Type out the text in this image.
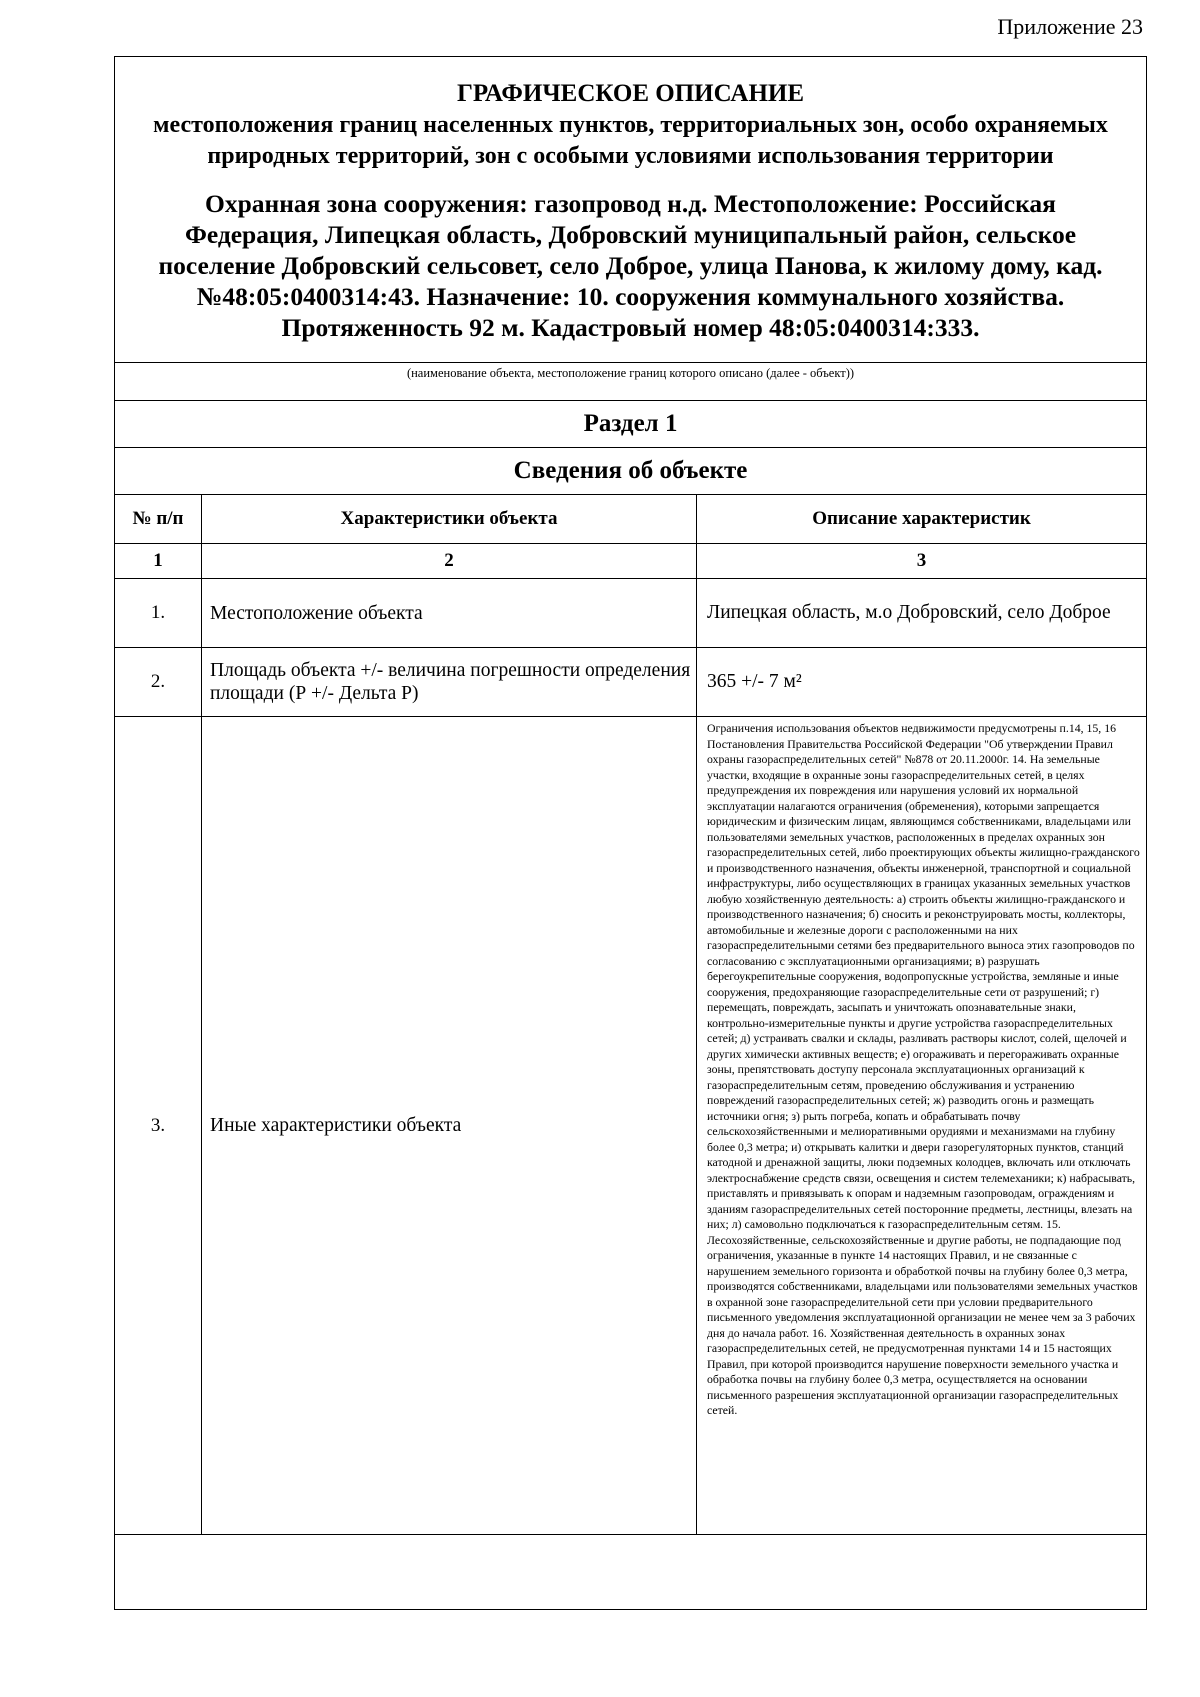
Приложение 23
ГРАФИЧЕСКОЕ ОПИСАНИЕ
местоположения границ населенных пунктов, территориальных зон, особо охраняемых природных территорий, зон с особыми условиями использования территории
Охранная зона сооружения: газопровод н.д. Местоположение: Российская Федерация, Липецкая область, Добровский муниципальный район, сельское поселение Добровский сельсовет, село Доброе, улица Панова, к жилому дому, кад.№48:05:0400314:43. Назначение: 10. сооружения коммунального хозяйства. Протяженность 92 м. Кадастровый номер 48:05:0400314:333.		

(наименование объекта, местоположение границ которого описано (далее - объект))		
Раздел 1		
Сведения об объекте		
№ п/п	Характеристики объекта	Описание характеристик
1	2	3
1.	Местоположение объекта	Липецкая область, м.о Добровский, село Доброе
2.	Площадь объекта +/- величина погрешности определения площади (Р +/- Дельта Р)	365 +/- 7 м²
3.	Иные характеристики объекта	Ограничения использования объектов недвижимости предусмотрены п.14, 15, 16 Постановления Правительства Российской Федерации "Об утверждении Правил охраны газораспределительных сетей" №878 от 20.11.2000г. 14. На земельные участки, входящие в охранные зоны газораспределительных сетей, в целях предупреждения их повреждения или нарушения условий их нормальной эксплуатации налагаются ограничения (обременения), которыми запрещается юридическим и физическим лицам, являющимся собственниками, владельцами или пользователями земельных участков, расположенных в пределах охранных зон газораспределительных сетей, либо проектирующих объекты жилищно-гражданского и производственного назначения, объекты инженерной, транспортной и социальной инфраструктуры, либо осуществляющих в границах указанных земельных участков любую хозяйственную деятельность: а) строить объекты жилищно-гражданского и производственного назначения; б) сносить и реконструировать мосты, коллекторы, автомобильные и железные дороги с расположенными на них газораспределительными сетями без предварительного выноса этих газопроводов по согласованию с эксплуатационными организациями; в) разрушать берегоукрепительные сооружения, водопропускные устройства, земляные и иные сооружения, предохраняющие газораспределительные сети от разрушений; г) перемещать, повреждать, засыпать и уничтожать опознавательные знаки, контрольно-измерительные пункты и другие устройства газораспределительных сетей; д) устраивать свалки и склады, разливать растворы кислот, солей, щелочей и других химически активных веществ; е) огораживать и перегораживать охранные зоны, препятствовать доступу персонала эксплуатационных организаций к газораспределительным сетям, проведению обслуживания и устранению повреждений газораспределительных сетей; ж) разводить огонь и размещать источники огня; з) рыть погреба, копать и обрабатывать почву сельскохозяйственными и мелиоративными орудиями и механизмами на глубину более 0,3 метра; и) открывать калитки и двери газорегуляторных пунктов, станций катодной и дренажной защиты, люки подземных колодцев, включать или отключать электроснабжение средств связи, освещения и систем телемеханики; к) набрасывать, приставлять и привязывать к опорам и надземным газопроводам, ограждениям и зданиям газораспределительных сетей посторонние предметы, лестницы, влезать на них; л) самовольно подключаться к газораспределительным сетям. 15. Лесохозяйственные, сельскохозяйственные и другие работы, не подпадающие под ограничения, указанные в пункте 14 настоящих Правил, и не связанные с нарушением земельного горизонта и обработкой почвы на глубину более 0,3 метра, производятся собственниками, владельцами или пользователями земельных участков в охранной зоне газораспределительной сети при условии предварительного письменного уведомления эксплуатационной организации не менее чем за 3 рабочих дня до начала работ. 16. Хозяйственная деятельность в охранных зонах газораспределительных сетей, не предусмотренная пунктами 14 и 15 настоящих Правил, при которой производится нарушение поверхности земельного участка и обработка почвы на глубину более 0,3 метра, осуществляется на основании письменного разрешения эксплуатационной организации газораспределительных сетей.
